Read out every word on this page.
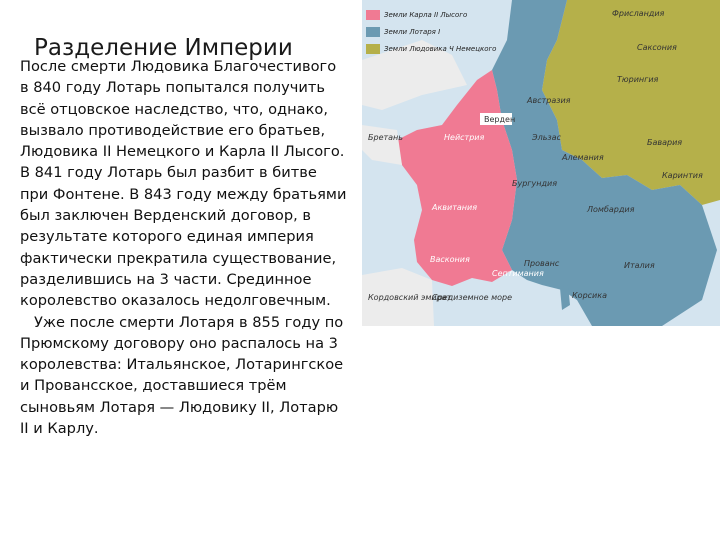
Разделение Империи

После смерти Людовика Благочестивого в 840 году Лотарь попытался получить всё отцовское наследство, что, однако, вызвало противодействие его братьев, Людовика II Немецкого и Карла II Лысого. В 841 году Лотарь был разбит в битве при Фонтене. В 843 году между братьями был заключен Верденский договор, в результате которого единая империя фактически прекратила существование, разделившись на 3 части. Срединное королевство оказалось недолговечным.

Уже после смерти Лотаря в 855 году по Прюмскому договору оно распалось на 3 королевства: Итальянское, Лотарингское и Провансское, доставшиеся трём сыновьям Лотаря — Людовику II, Лотарю II и Карлу.

Земли Карла II Лысого
Земли Лотаря I
Земли Людовика Ч Немецкого
Фрисландия
Саксония
Тюрингия
Австразия
Верден
Нейстрия
Бретань	Эльзас
Бавария
Алемания
Каринтия
Бургундия
Аквитания	Ломбардия
Васкония
Септимания
Прованс	Италия
Кордовский эмират
Средиземное море	Корсика
